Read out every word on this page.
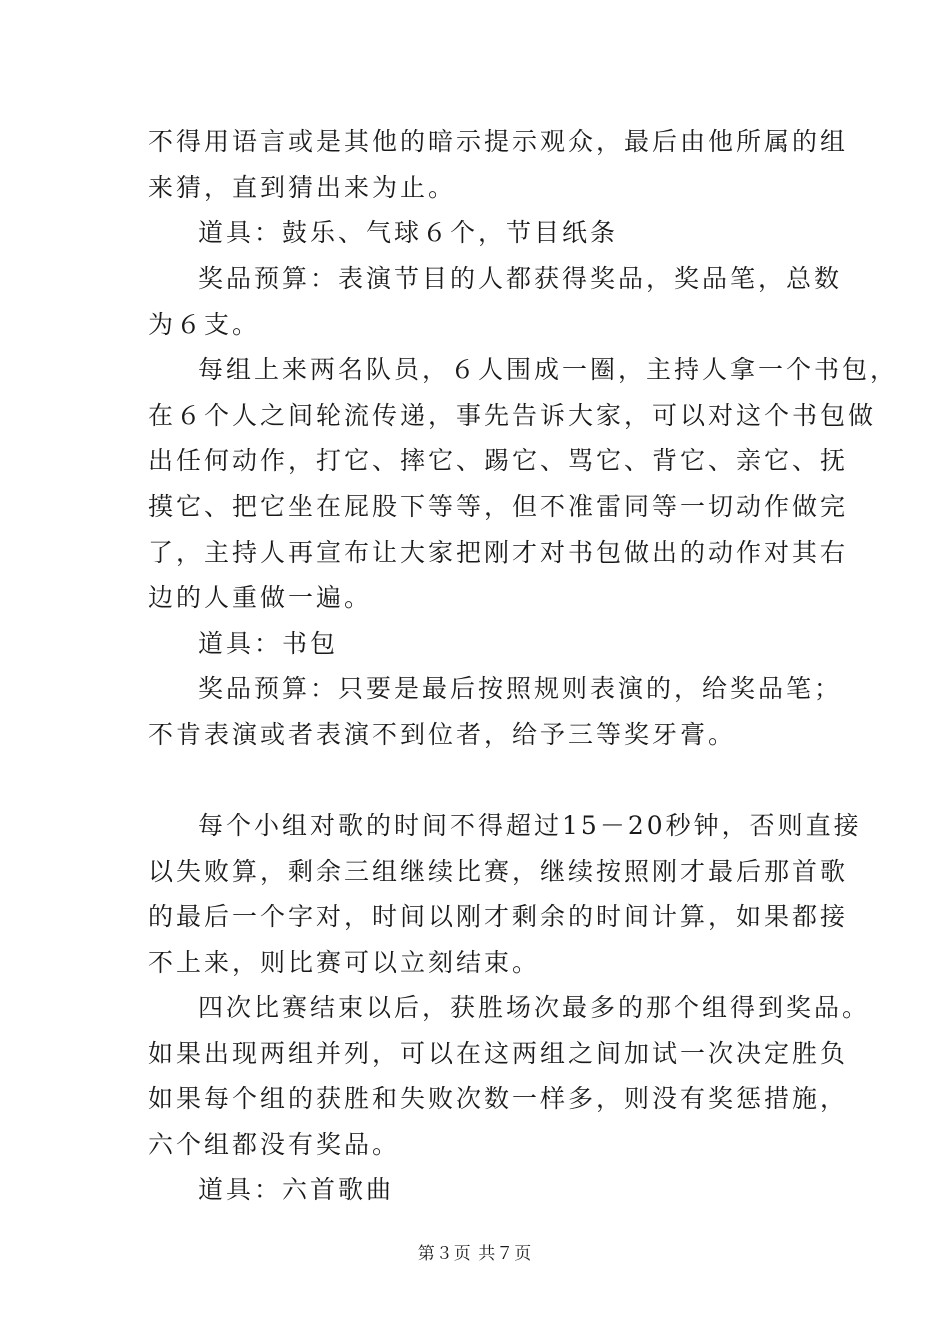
不得用语言或是其他的暗示提示观众，最后由他所属的组
来猜，直到猜出来为止。
道具：鼓乐、气球６个，节目纸条
奖品预算：表演节目的人都获得奖品，奖品笔，总数
为６支。
每组上来两名队员，６人围成一圈，主持人拿一个书包，
在６个人之间轮流传递，事先告诉大家，可以对这个书包做
出任何动作，打它、摔它、踢它、骂它、背它、亲它、抚
摸它、把它坐在屁股下等等，但不准雷同等一切动作做完
了，主持人再宣布让大家把刚才对书包做出的动作对其右
边的人重做一遍。
道具：书包
奖品预算：只要是最后按照规则表演的，给奖品笔；
不肯表演或者表演不到位者，给予三等奖牙膏。
每个小组对歌的时间不得超过15－20秒钟，否则直接
以失败算，剩余三组继续比赛，继续按照刚才最后那首歌
的最后一个字对，时间以刚才剩余的时间计算，如果都接
不上来，则比赛可以立刻结束。
四次比赛结束以后，获胜场次最多的那个组得到奖品。
如果出现两组并列，可以在这两组之间加试一次决定胜负
如果每个组的获胜和失败次数一样多，则没有奖惩措施，
六个组都没有奖品。
道具：六首歌曲
第３页 共７页
